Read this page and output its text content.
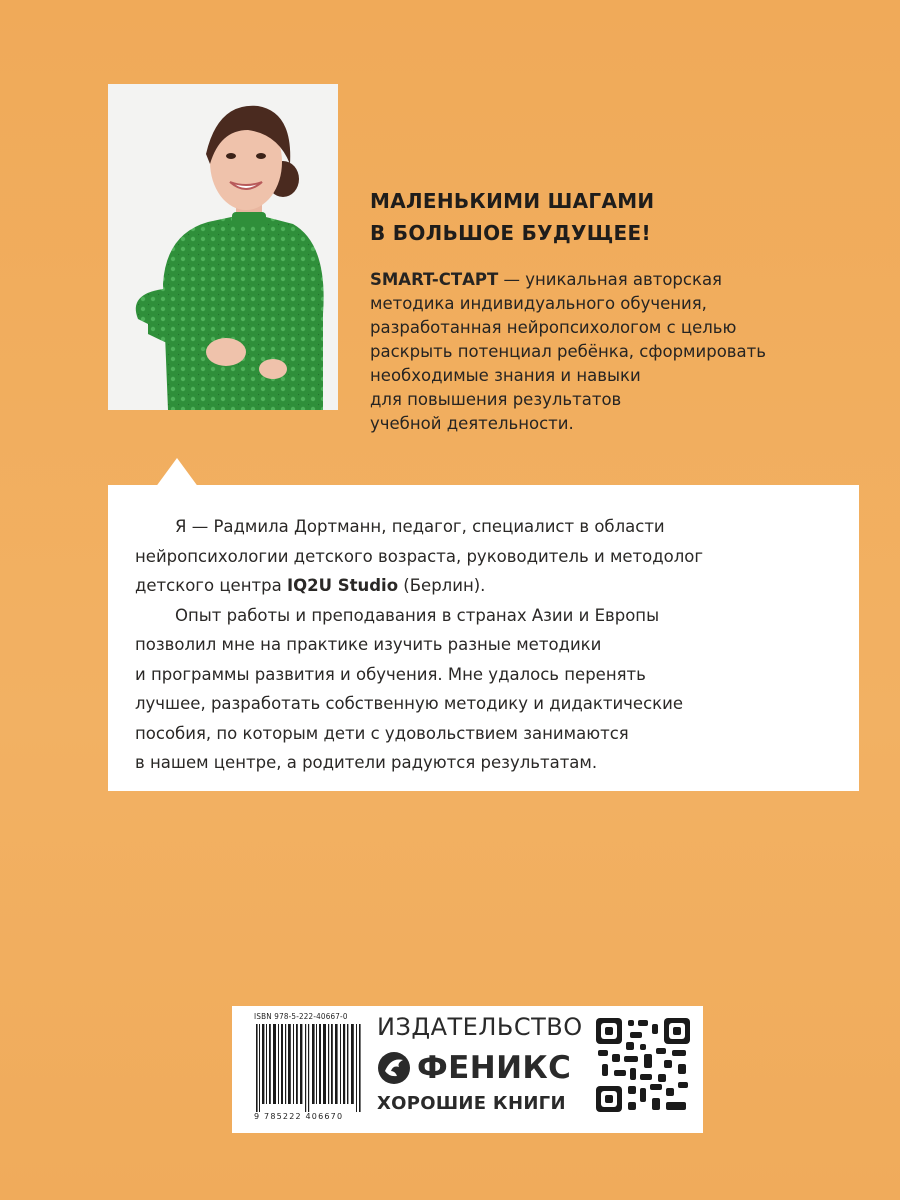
МАЛЕНЬКИМИ ШАГАМИ
В БОЛЬШОЕ БУДУЩЕЕ!
SMART-СТАРТ — уникальная авторская
методика индивидуального обучения,
разработанная нейропсихологом с целью
раскрыть потенциал ребёнка, сформировать
необходимые знания и навыки
для повышения результатов
учебной деятельности.
Я — Радмила Дортманн, педагог, специалист в области
нейропсихологии детского возраста, руководитель и методолог
детского центра IQ2U Studio (Берлин).
Опыт работы и преподавания в странах Азии и Европы
позволил мне на практике изучить разные методики
и программы развития и обучения. Мне удалось перенять
лучшее, разработать собственную методику и дидактические
пособия, по которым дети с удовольствием занимаются
в нашем центре, а родители радуются результатам.
ISBN 978-5-222-40667-0
9 785222 406670
ИЗДАТЕЛЬСТВО
ФЕНИКС
ХОРОШИЕ КНИГИ
